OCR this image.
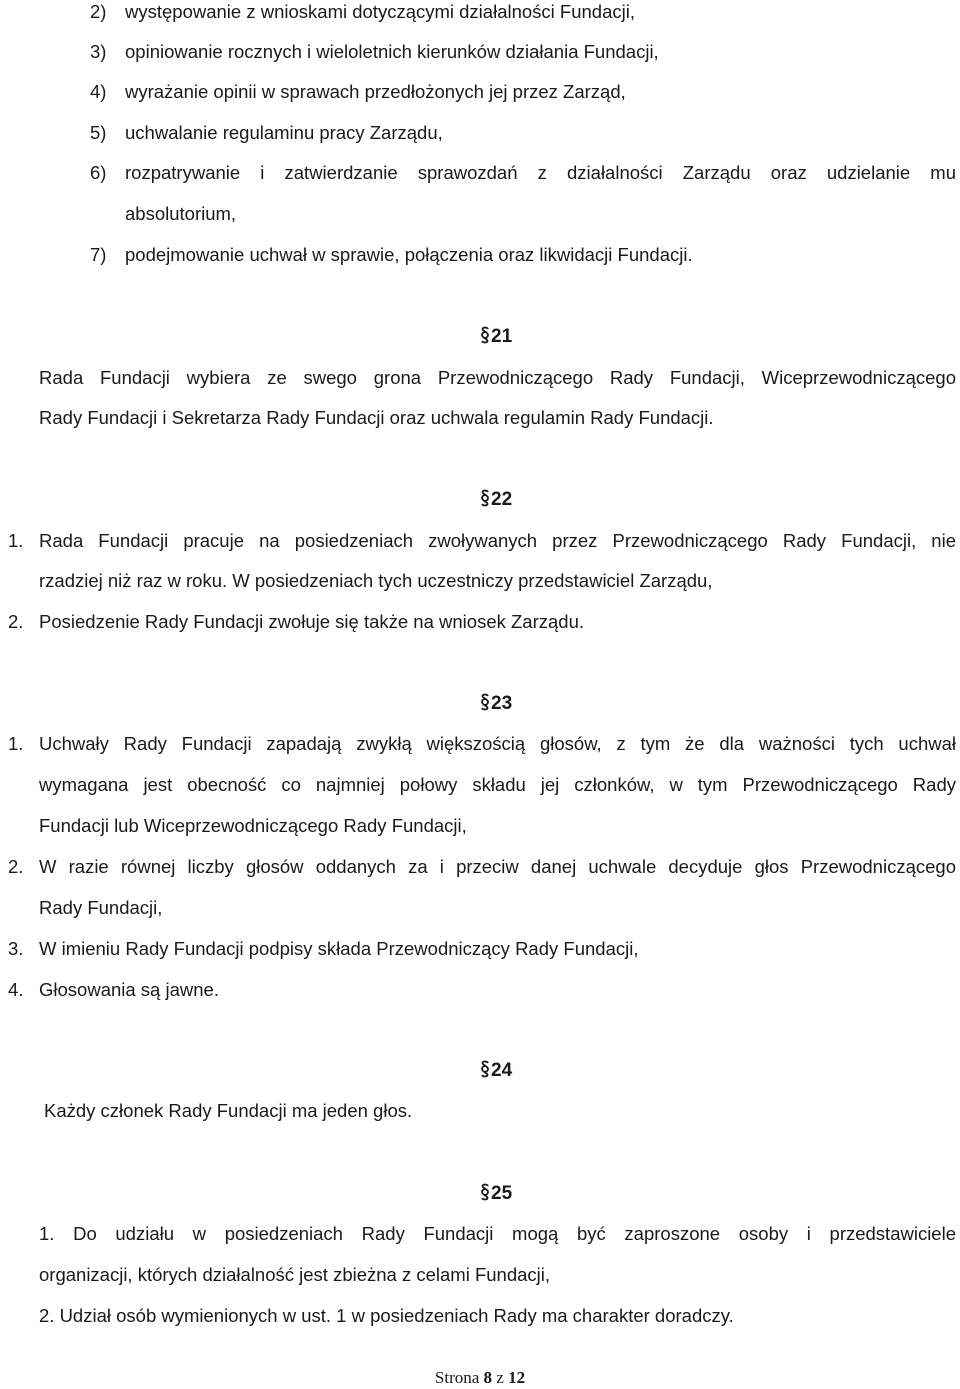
2) występowanie z wnioskami dotyczącymi działalności Fundacji,
3) opiniowanie rocznych i wieloletnich kierunków działania Fundacji,
4) wyrażanie opinii w sprawach przedłożonych jej przez Zarząd,
5) uchwalanie regulaminu pracy Zarządu,
6) rozpatrywanie i zatwierdzanie sprawozdań z działalności Zarządu oraz udzielanie mu
absolutorium,
7) podejmowanie uchwał w sprawie, połączenia oraz likwidacji Fundacji.
21
Rada Fundacji wybiera ze swego grona Przewodniczącego Rady Fundacji, Wiceprzewodniczącego
Rady Fundacji i Sekretarza Rady Fundacji oraz uchwala regulamin Rady Fundacji.
22
1. Rada Fundacji pracuje na posiedzeniach zwoływanych przez Przewodniczącego Rady Fundacji, nie
rzadziej niż raz w roku. W posiedzeniach tych uczestniczy przedstawiciel Zarządu,
2. Posiedzenie Rady Fundacji zwołuje się także na wniosek Zarządu.
23
1. Uchwały Rady Fundacji zapadają zwykłą większością głosów, z tym że dla ważności tych uchwał
wymagana jest obecność co najmniej połowy składu jej członków, w tym Przewodniczącego Rady
Fundacji lub Wiceprzewodniczącego Rady Fundacji,
2. W razie równej liczby głosów oddanych za i przeciw danej uchwale decyduje głos Przewodniczącego
Rady Fundacji,
3. W imieniu Rady Fundacji podpisy składa Przewodniczący Rady Fundacji,
4. Głosowania są jawne.
24
Każdy członek Rady Fundacji ma jeden głos.
25
1. Do udziału w posiedzeniach Rady Fundacji mogą być zaproszone osoby i przedstawiciele
organizacji, których działalność jest zbieżna z celami Fundacji,
2. Udział osób wymienionych w ust. 1 w posiedzeniach Rady ma charakter doradczy.
Strona 8 z 12
